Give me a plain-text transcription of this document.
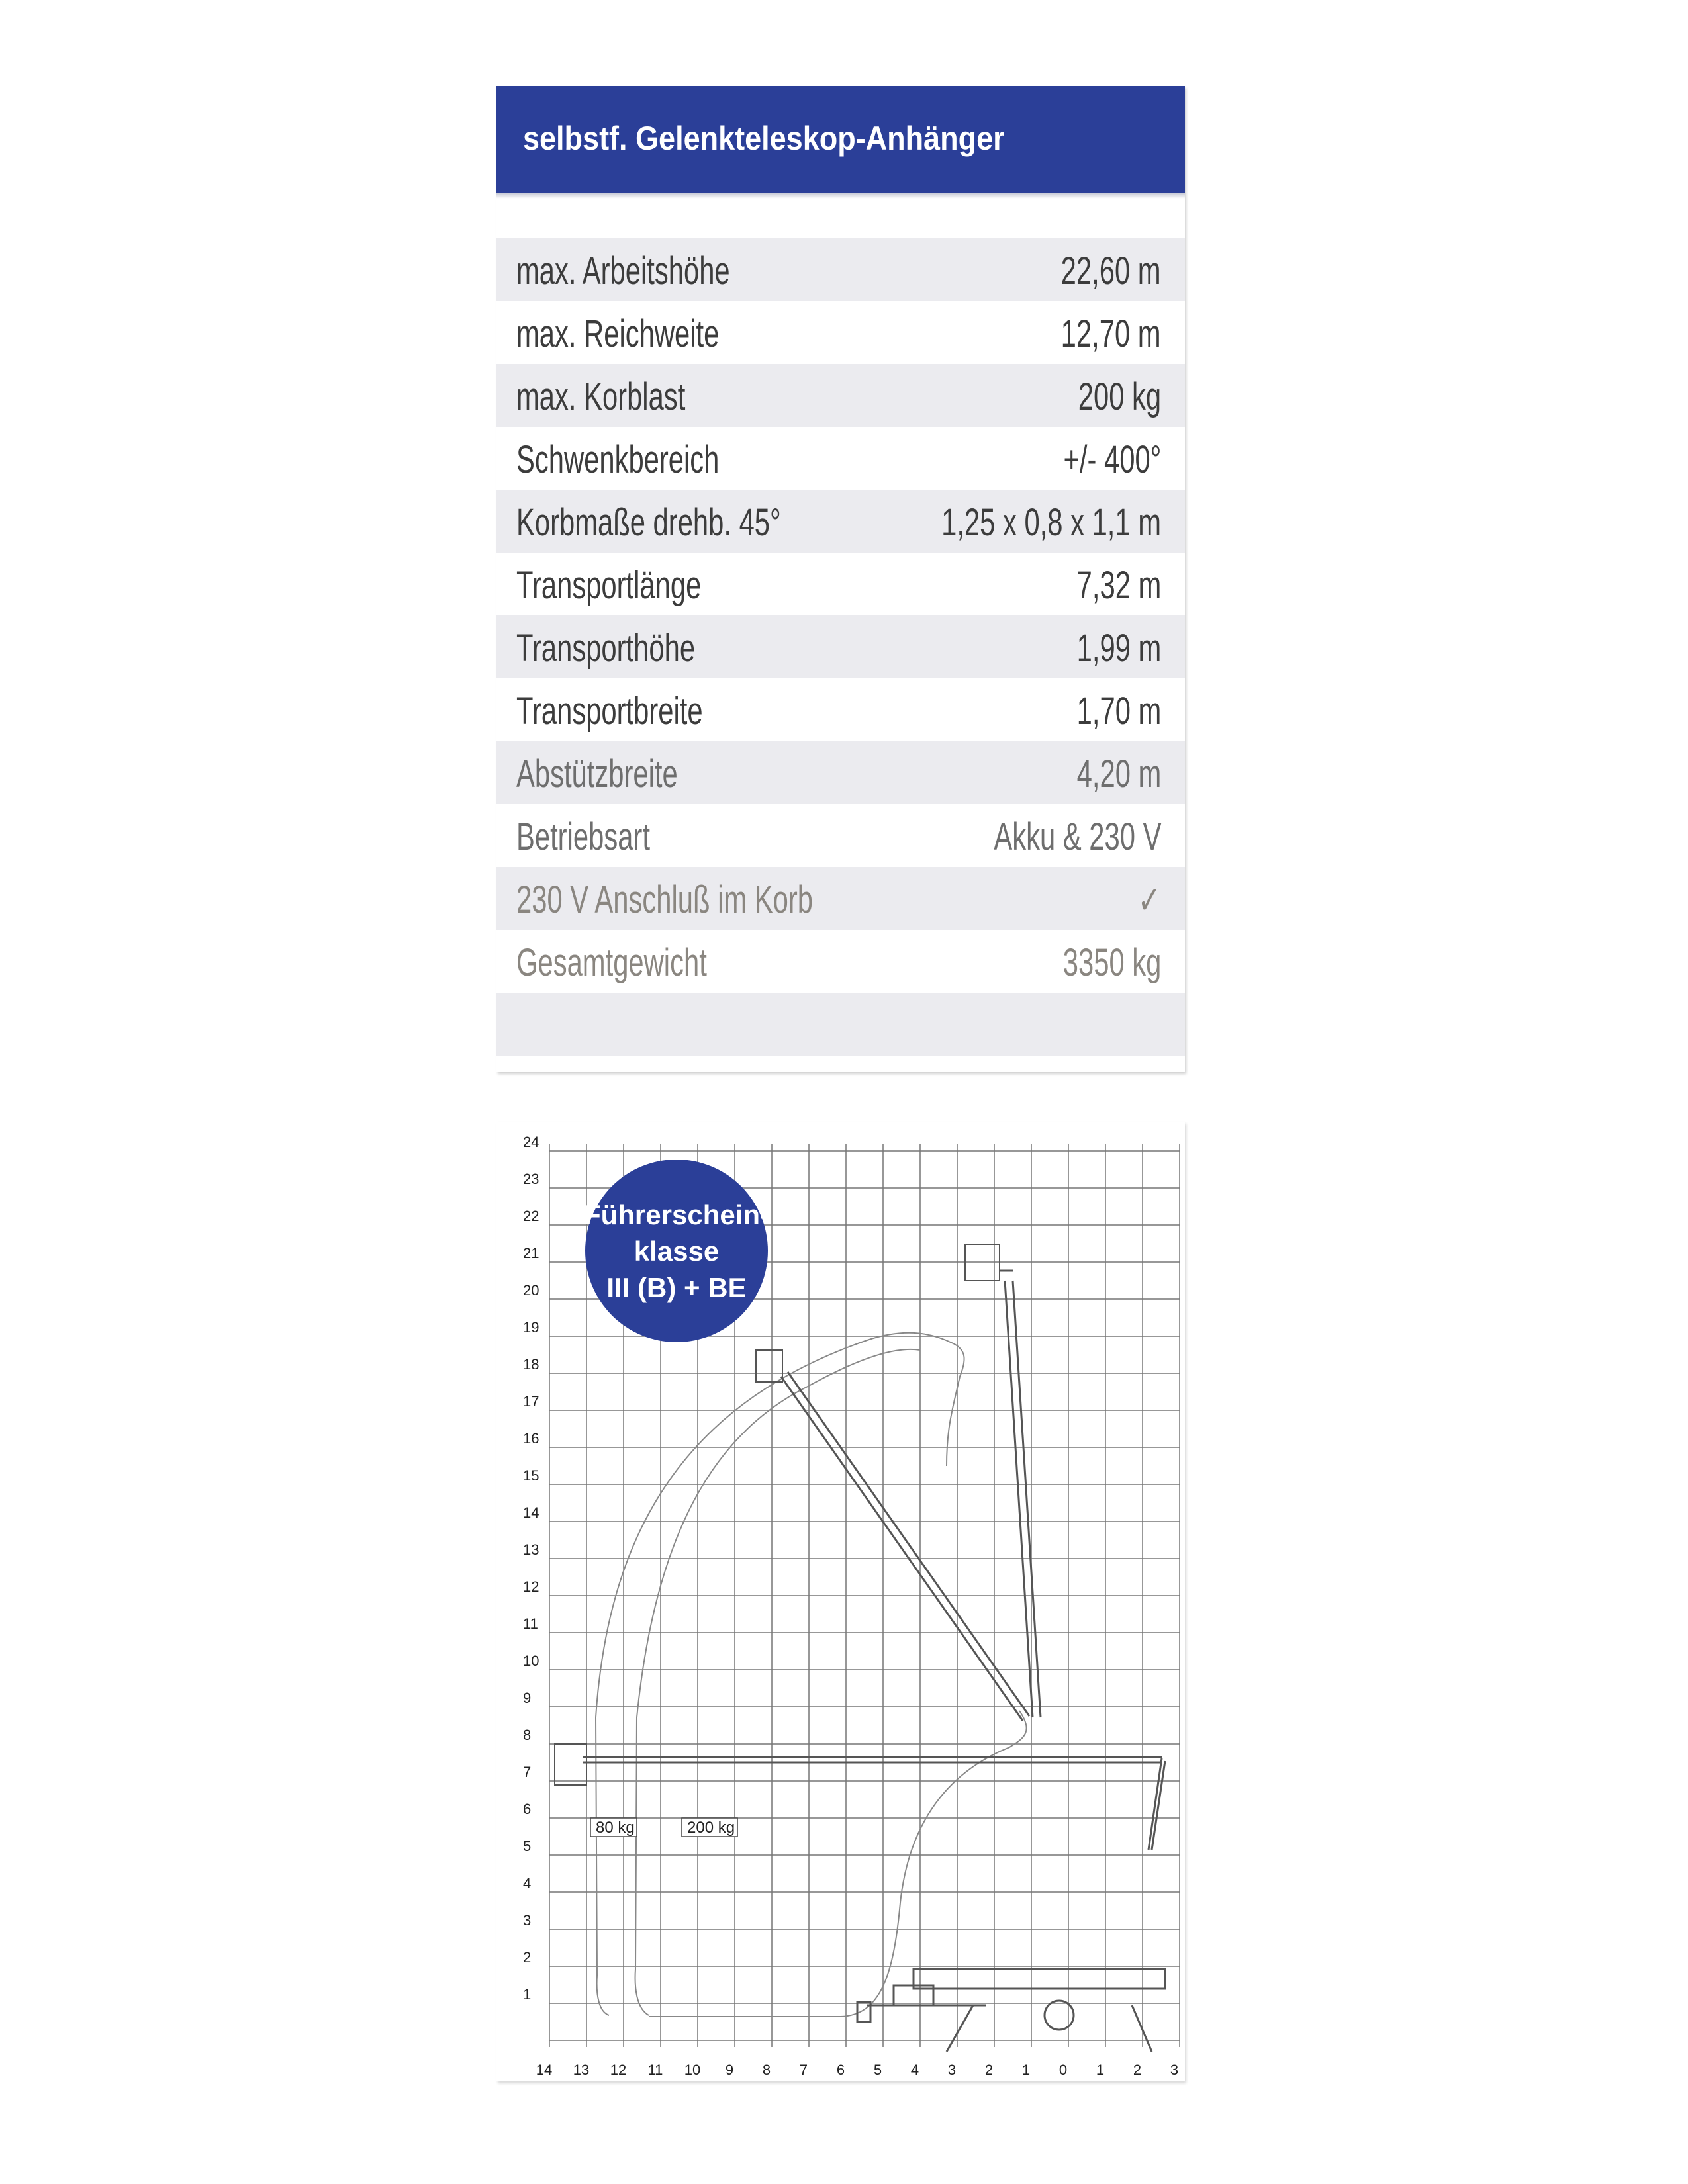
selbstf. Gelenkteleskop-Anhänger
max. Arbeitshöhe	22,60 m
max. Reichweite	12,70 m
max. Korblast	200 kg
Schwenkbereich	+/- 400°
Korbmaße drehb. 45°	1,25 x 0,8 x 1,1 m
Transportlänge	7,32 m
Transporthöhe	1,99 m
Transportbreite	1,70 m
Abstützbreite	4,20 m
Betriebsart	Akku & 230 V
230 V Anschluß im Korb	✓
Gesamtgewicht	3350 kg
24
23
22
21
20
19
18
17
16
15
14
13
12
11
10
9
8
7
6
5
4
3
2
1
14 13 12 11 10 9 8 7 6 5 4 3 2 1 0 1 2 3
80 kg	200 kg
Führerschein-
klasse
III (B) + BE
